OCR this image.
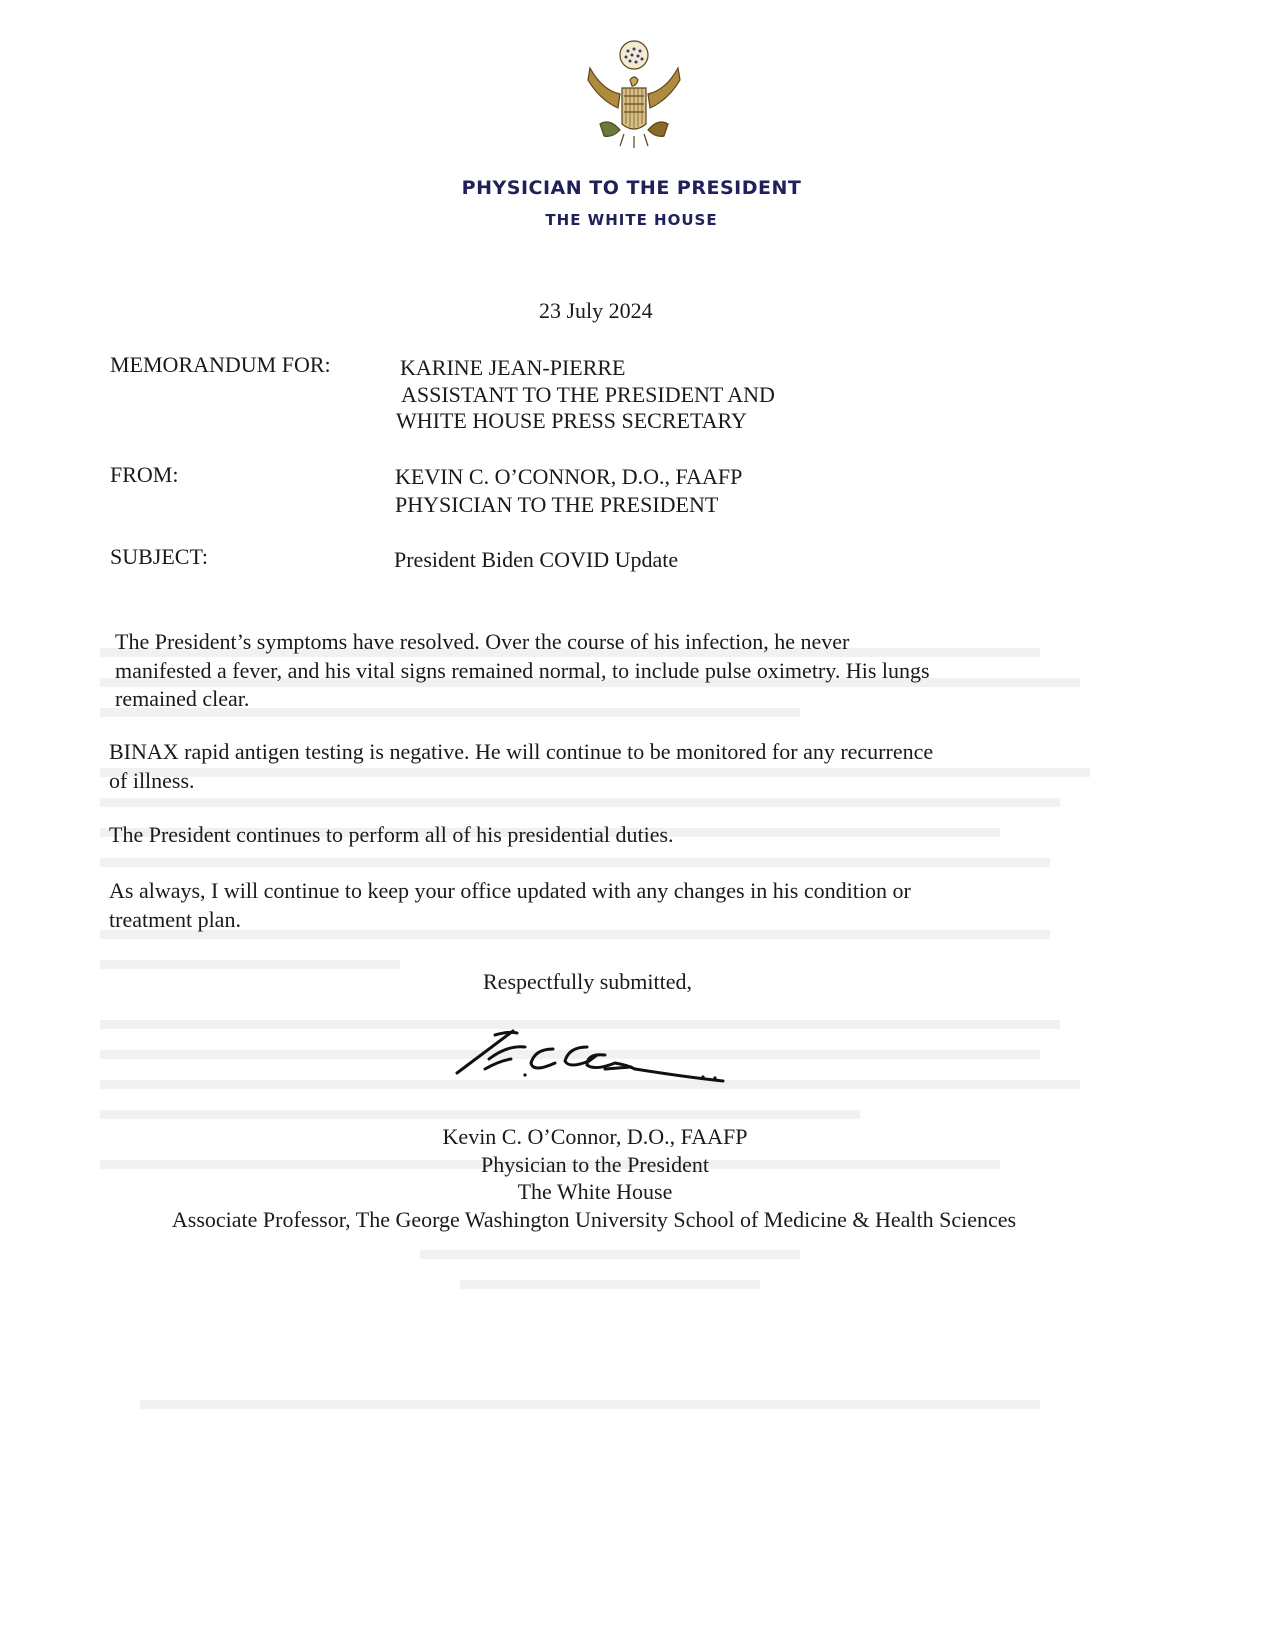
PHYSICIAN TO THE PRESIDENT
THE WHITE HOUSE
23 July 2024
MEMORANDUM FOR:	KARINE JEAN-PIERRE
ASSISTANT TO THE PRESIDENT AND
WHITE HOUSE PRESS SECRETARY
FROM:	KEVIN C. O’CONNOR, D.O., FAAFP
PHYSICIAN TO THE PRESIDENT
SUBJECT:	President Biden COVID Update
The President’s symptoms have resolved. Over the course of his infection, he never
manifested a fever, and his vital signs remained normal, to include pulse oximetry. His lungs
remained clear.
BINAX rapid antigen testing is negative. He will continue to be monitored for any recurrence
of illness.
The President continues to perform all of his presidential duties.
As always, I will continue to keep your office updated with any changes in his condition or
treatment plan.
Respectfully submitted,
Kevin C. O’Connor, D.O., FAAFP
Physician to the President
The White House
Associate Professor, The George Washington University School of Medicine & Health Sciences
